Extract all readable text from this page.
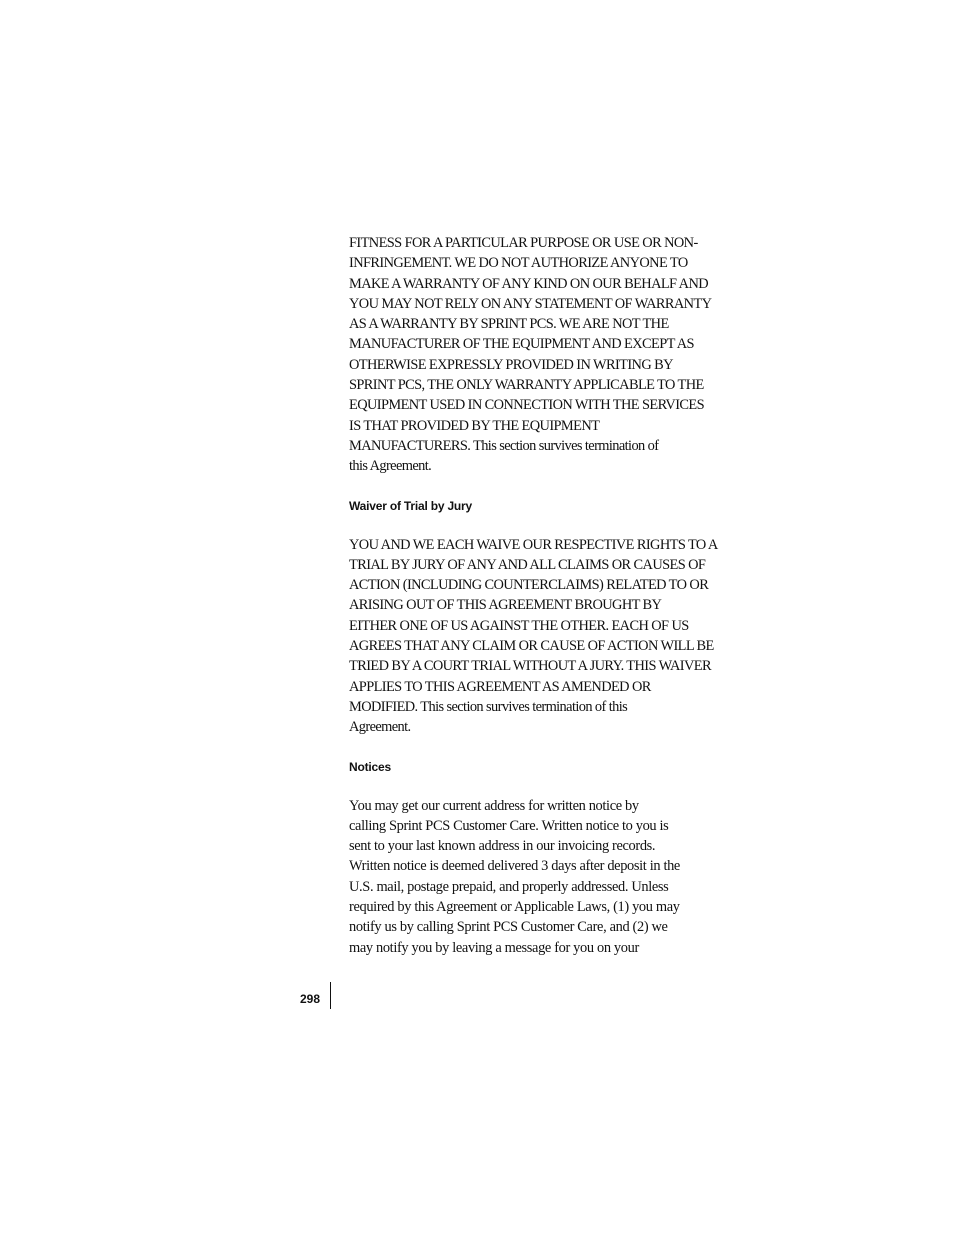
FITNESS FOR A PARTICULAR PURPOSE OR USE OR NON-
INFRINGEMENT. WE DO NOT AUTHORIZE ANYONE TO
MAKE A WARRANTY OF ANY KIND ON OUR BEHALF AND
YOU MAY NOT RELY ON ANY STATEMENT OF WARRANTY
AS A WARRANTY BY SPRINT PCS. WE ARE NOT THE
MANUFACTURER OF THE EQUIPMENT AND EXCEPT AS
OTHERWISE EXPRESSLY PROVIDED IN WRITING BY
SPRINT PCS, THE ONLY WARRANTY APPLICABLE TO THE
EQUIPMENT USED IN CONNECTION WITH THE SERVICES
IS THAT PROVIDED BY THE EQUIPMENT
MANUFACTURERS. This section survives termination of
this Agreement.
Waiver of Trial by Jury
YOU AND WE EACH WAIVE OUR RESPECTIVE RIGHTS TO A
TRIAL BY JURY OF ANY AND ALL CLAIMS OR CAUSES OF
ACTION (INCLUDING COUNTERCLAIMS) RELATED TO OR
ARISING OUT OF THIS AGREEMENT BROUGHT BY
EITHER ONE OF US AGAINST THE OTHER. EACH OF US
AGREES THAT ANY CLAIM OR CAUSE OF ACTION WILL BE
TRIED BY A COURT TRIAL WITHOUT A JURY. THIS WAIVER
APPLIES TO THIS AGREEMENT AS AMENDED OR
MODIFIED. This section survives termination of this
Agreement.
Notices
You may get our current address for written notice by
calling Sprint PCS Customer Care. Written notice to you is
sent to your last known address in our invoicing records.
Written notice is deemed delivered 3 days after deposit in the
U.S. mail, postage prepaid, and properly addressed. Unless
required by this Agreement or Applicable Laws, (1) you may
notify us by calling Sprint PCS Customer Care, and (2) we
may notify you by leaving a message for you on your
298
